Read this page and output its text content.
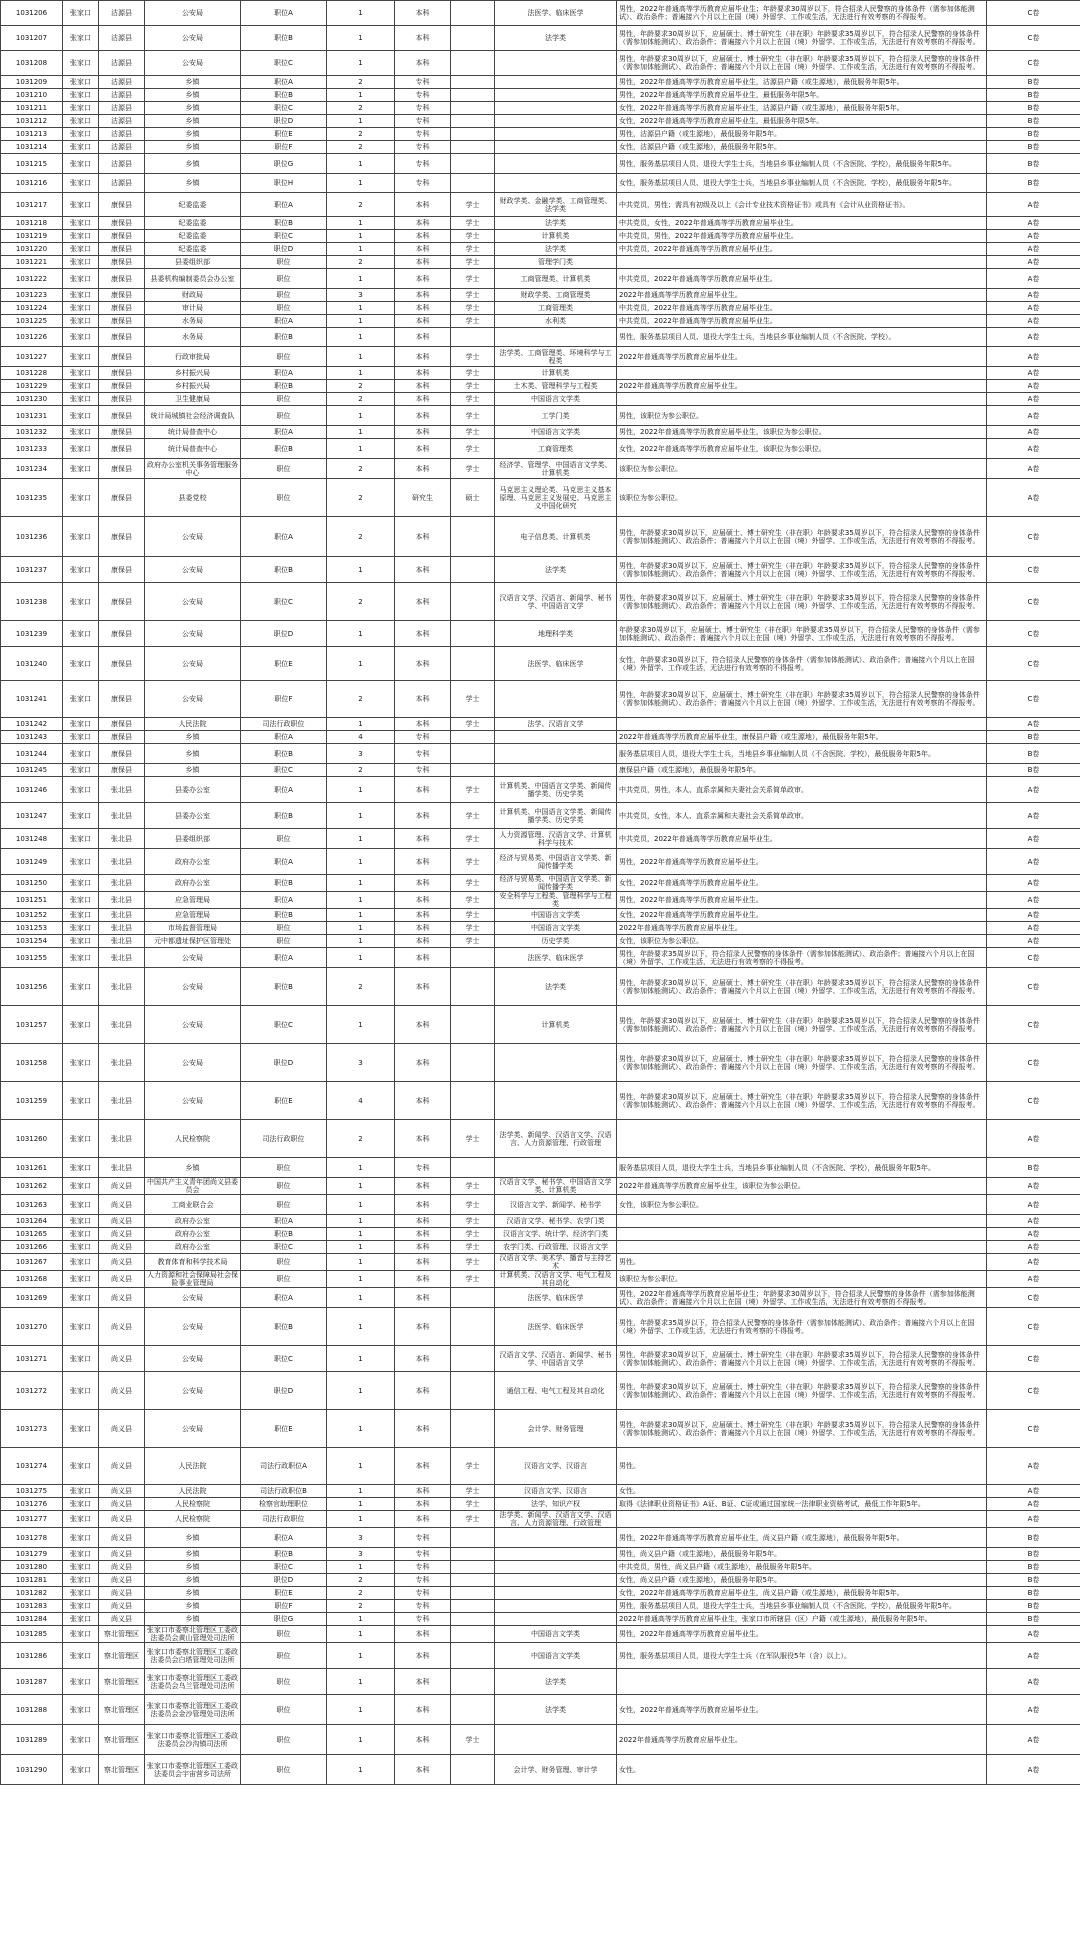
1031206	张家口	沽源县	公安局	职位A	1	本科		法医学、临床医学	男性，2022年普通高等学历教育应届毕业生；年龄要求30周岁以下，符合招录人民警察的身体条件（需参加体能测试）、政治条件；普遍接六个月以上在国（境）外留学、工作或生活，无法进行有效考察的不得报考。	C卷
1031207	张家口	沽源县	公安局	职位B	1	本科		法学类	男性，年龄要求30周岁以下，应届硕士、博士研究生（非在职）年龄要求35周岁以下，符合招录人民警察的身体条件（需参加体能测试）、政治条件；普遍接六个月以上在国（境）外留学、工作或生活，无法进行有效考察的不得报考。	C卷
1031208	张家口	沽源县	公安局	职位C	1	本科			男性，年龄要求30周岁以下，应届硕士、博士研究生（非在职）年龄要求35周岁以下，符合招录人民警察的身体条件（需参加体能测试）、政治条件；普遍接六个月以上在国（境）外留学、工作或生活，无法进行有效考察的不得报考。	C卷
1031209	张家口	沽源县	乡镇	职位A	2	专科			男性，2022年普通高等学历教育应届毕业生，沽源县户籍（或生源地），最低服务年限5年。	B卷
1031210	张家口	沽源县	乡镇	职位B	1	专科			男性，2022年普通高等学历教育应届毕业生，最低服务年限5年。	B卷
1031211	张家口	沽源县	乡镇	职位C	2	专科			女性，2022年普通高等学历教育应届毕业生，沽源县户籍（或生源地），最低服务年限5年。	B卷
1031212	张家口	沽源县	乡镇	职位D	1	专科			女性，2022年普通高等学历教育应届毕业生，最低服务年限5年。	B卷
1031213	张家口	沽源县	乡镇	职位E	2	专科			男性，沽源县户籍（或生源地），最低服务年限5年。	B卷
1031214	张家口	沽源县	乡镇	职位F	2	专科			女性，沽源县户籍（或生源地），最低服务年限5年。	B卷
1031215	张家口	沽源县	乡镇	职位G	1	专科			男性，服务基层项目人员、退役大学生士兵，当地县乡事业编制人员（不含医院、学校），最低服务年限5年。	B卷
1031216	张家口	沽源县	乡镇	职位H	1	专科			女性，服务基层项目人员、退役大学生士兵，当地县乡事业编制人员（不含医院、学校），最低服务年限5年。	B卷
1031217	张家口	康保县	纪委监委	职位A	2	本科	学士	财政学类、金融学类、工商管理类、法学类	中共党员，男性；需具有初级及以上《会计专业技术资格证书》或具有《会计从业资格证书》。	A卷
1031218	张家口	康保县	纪委监委	职位B	1	本科	学士	法学类	中共党员，女性，2022年普通高等学历教育应届毕业生。	A卷
1031219	张家口	康保县	纪委监委	职位C	1	本科	学士	计算机类	中共党员，男性，2022年普通高等学历教育应届毕业生。	A卷
1031220	张家口	康保县	纪委监委	职位D	1	本科	学士	法学类	中共党员，2022年普通高等学历教育应届毕业生。	A卷
1031221	张家口	康保县	县委组织部	职位	2	本科	学士	管理学门类		A卷
1031222	张家口	康保县	县委机构编制委员会办公室	职位	1	本科	学士	工商管理类、计算机类	中共党员，2022年普通高等学历教育应届毕业生。	A卷
1031223	张家口	康保县	财政局	职位	3	本科	学士	财政学类、工商管理类	2022年普通高等学历教育应届毕业生。	A卷
1031224	张家口	康保县	审计局	职位	1	本科	学士	工商管理类	中共党员，2022年普通高等学历教育应届毕业生。	A卷
1031225	张家口	康保县	水务局	职位A	1	本科	学士	水利类	中共党员，2022年普通高等学历教育应届毕业生。	A卷
1031226	张家口	康保县	水务局	职位B	1	本科			男性，服务基层项目人员、退役大学生士兵，当地县乡事业编制人员（不含医院、学校）。	A卷
1031227	张家口	康保县	行政审批局	职位	1	本科	学士	法学类、工商管理类、环境科学与工程类	2022年普通高等学历教育应届毕业生。	A卷
1031228	张家口	康保县	乡村振兴局	职位A	1	本科	学士	计算机类		A卷
1031229	张家口	康保县	乡村振兴局	职位B	2	本科	学士	土木类、管理科学与工程类	2022年普通高等学历教育应届毕业生。	A卷
1031230	张家口	康保县	卫生健康局	职位	2	本科	学士	中国语言文学类		A卷
1031231	张家口	康保县	统计局城镇社会经济调查队	职位	1	本科	学士	工学门类	男性，该职位为参公职位。	A卷
1031232	张家口	康保县	统计局普查中心	职位A	1	本科	学士	中国语言文学类	男性，2022年普通高等学历教育应届毕业生，该职位为参公职位。	A卷
1031233	张家口	康保县	统计局普查中心	职位B	1	本科	学士	工商管理类	女性，2022年普通高等学历教育应届毕业生，该职位为参公职位。	A卷
1031234	张家口	康保县	政府办公室机关事务管理服务中心	职位	2	本科	学士	经济学、管理学、中国语言文学类、计算机类	该职位为参公职位。	A卷
1031235	张家口	康保县	县委党校	职位	2	研究生	硕士	马克思主义理论类、马克思主义基本原理、马克思主义发展史、马克思主义中国化研究	该职位为参公职位。	A卷
1031236	张家口	康保县	公安局	职位A	2	本科		电子信息类、计算机类	男性，年龄要求30周岁以下，应届硕士、博士研究生（非在职）年龄要求35周岁以下，符合招录人民警察的身体条件（需参加体能测试）、政治条件；普遍接六个月以上在国（境）外留学、工作或生活，无法进行有效考察的不得报考。	C卷
1031237	张家口	康保县	公安局	职位B	1	本科		法学类	男性，年龄要求30周岁以下，应届硕士、博士研究生（非在职）年龄要求35周岁以下，符合招录人民警察的身体条件（需参加体能测试）、政治条件；普遍接六个月以上在国（境）外留学、工作或生活，无法进行有效考察的不得报考。	C卷
1031238	张家口	康保县	公安局	职位C	2	本科		汉语言文学、汉语言、新闻学、秘书学、中国语言文学	男性，年龄要求30周岁以下，应届硕士、博士研究生（非在职）年龄要求35周岁以下，符合招录人民警察的身体条件（需参加体能测试）、政治条件；普遍接六个月以上在国（境）外留学、工作或生活，无法进行有效考察的不得报考。	C卷
1031239	张家口	康保县	公安局	职位D	1	本科		地理科学类	年龄要求30周岁以下，应届硕士、博士研究生（非在职）年龄要求35周岁以下，符合招录人民警察的身体条件（需参加体能测试）、政治条件；普遍接六个月以上在国（境）外留学、工作或生活，无法进行有效考察的不得报考。	C卷
1031240	张家口	康保县	公安局	职位E	1	本科		法医学、临床医学	女性，年龄要求30周岁以下，符合招录人民警察的身体条件（需参加体能测试）、政治条件；普遍接六个月以上在国（境）外留学、工作或生活，无法进行有效考察的不得报考。	C卷
1031241	张家口	康保县	公安局	职位F	2	本科	学士		男性，年龄要求30周岁以下，应届硕士、博士研究生（非在职）年龄要求35周岁以下，符合招录人民警察的身体条件（需参加体能测试）、政治条件；普遍接六个月以上在国（境）外留学、工作或生活，无法进行有效考察的不得报考。	C卷
1031242	张家口	康保县	人民法院	司法行政职位	1	本科	学士	法学、汉语言文学		A卷
1031243	张家口	康保县	乡镇	职位A	4	专科			2022年普通高等学历教育应届毕业生，康保县户籍（或生源地），最低服务年限5年。	B卷
1031244	张家口	康保县	乡镇	职位B	3	专科			服务基层项目人员，退役大学生士兵，当地县乡事业编制人员（不含医院、学校），最低服务年限5年。	B卷
1031245	张家口	康保县	乡镇	职位C	2	专科			康保县户籍（或生源地），最低服务年限5年。	B卷
1031246	张家口	张北县	县委办公室	职位A	1	本科	学士	计算机类、中国语言文学类、新闻传播学类、历史学类	中共党员，男性，本人、直系亲属和夫妻社会关系简单政审。	A卷
1031247	张家口	张北县	县委办公室	职位B	1	本科	学士	计算机类、中国语言文学类、新闻传播学类、历史学类	中共党员，女性，本人、直系亲属和夫妻社会关系简单政审。	A卷
1031248	张家口	张北县	县委组织部	职位	1	本科	学士	人力资源管理、汉语言文学、计算机科学与技术	中共党员，2022年普通高等学历教育应届毕业生。	A卷
1031249	张家口	张北县	政府办公室	职位A	1	本科	学士	经济与贸易类、中国语言文学类、新闻传播学类	男性，2022年普通高等学历教育应届毕业生。	A卷
1031250	张家口	张北县	政府办公室	职位B	1	本科	学士	经济与贸易类、中国语言文学类、新闻传播学类	女性，2022年普通高等学历教育应届毕业生。	A卷
1031251	张家口	张北县	应急管理局	职位A	1	本科	学士	安全科学与工程类、管理科学与工程类	男性，2022年普通高等学历教育应届毕业生。	A卷
1031252	张家口	张北县	应急管理局	职位B	1	本科	学士	中国语言文学类	女性，2022年普通高等学历教育应届毕业生。	A卷
1031253	张家口	张北县	市场监督管理局	职位	1	本科	学士	中国语言文学类	2022年普通高等学历教育应届毕业生。	A卷
1031254	张家口	张北县	元中都遗址保护区管理处	职位	1	本科	学士	历史学类	女性，该职位为参公职位。	A卷
1031255	张家口	张北县	公安局	职位A	1	本科		法医学、临床医学	男性，年龄要求35周岁以下，符合招录人民警察的身体条件（需参加体能测试）、政治条件；普遍接六个月以上在国（境）外留学、工作或生活，无法进行有效考察的不得报考。	C卷
1031256	张家口	张北县	公安局	职位B	2	本科		法学类	男性，年龄要求30周岁以下，应届硕士、博士研究生（非在职）年龄要求35周岁以下，符合招录人民警察的身体条件（需参加体能测试）、政治条件；普遍接六个月以上在国（境）外留学、工作或生活，无法进行有效考察的不得报考。	C卷
1031257	张家口	张北县	公安局	职位C	1	本科		计算机类	男性，年龄要求30周岁以下，应届硕士、博士研究生（非在职）年龄要求35周岁以下，符合招录人民警察的身体条件（需参加体能测试）、政治条件；普遍接六个月以上在国（境）外留学、工作或生活，无法进行有效考察的不得报考。	C卷
1031258	张家口	张北县	公安局	职位D	3	本科			男性，年龄要求30周岁以下，应届硕士、博士研究生（非在职）年龄要求35周岁以下，符合招录人民警察的身体条件（需参加体能测试）、政治条件；普遍接六个月以上在国（境）外留学、工作或生活，无法进行有效考察的不得报考。	C卷
1031259	张家口	张北县	公安局	职位E	4	本科			男性，年龄要求30周岁以下，应届硕士、博士研究生（非在职）年龄要求35周岁以下，符合招录人民警察的身体条件（需参加体能测试）、政治条件；普遍接六个月以上在国（境）外留学、工作或生活，无法进行有效考察的不得报考。	C卷
1031260	张家口	张北县	人民检察院	司法行政职位	2	本科	学士	法学类、新闻学、汉语言文学、汉语言、人力资源管理、行政管理		A卷
1031261	张家口	张北县	乡镇	职位	1	专科			服务基层项目人员，退役大学生士兵，当地县乡事业编制人员（不含医院、学校），最低服务年限5年。	B卷
1031262	张家口	尚义县	中国共产主义青年团尚义县委员会	职位	1	本科	学士	汉语言文学、秘书学、中国语言文学类、计算机类	2022年普通高等学历教育应届毕业生，该职位为参公职位。	A卷
1031263	张家口	尚义县	工商业联合会	职位	1	本科	学士	汉语言文学、新闻学、秘书学	女性，该职位为参公职位。	A卷
1031264	张家口	尚义县	政府办公室	职位A	1	本科	学士	汉语言文学、秘书学、农学门类		A卷
1031265	张家口	尚义县	政府办公室	职位B	1	本科	学士	汉语言文学、统计学、经济学门类		A卷
1031266	张家口	尚义县	政府办公室	职位C	1	本科	学士	农学门类、行政管理、汉语言文学		A卷
1031267	张家口	尚义县	教育体育和科学技术局	职位	1	本科	学士	汉语言文学、美术学、播音与主持艺术	男性。	A卷
1031268	张家口	尚义县	人力资源和社会保障局社会保险事业管理局	职位	1	本科	学士	计算机类、汉语言文学、电气工程及其自动化	该职位为参公职位。	A卷
1031269	张家口	尚义县	公安局	职位A	1	本科		法医学、临床医学	男性，2022年普通高等学历教育应届毕业生；年龄要求30周岁以下，符合招录人民警察的身体条件（需参加体能测试）、政治条件；普遍接六个月以上在国（境）外留学、工作或生活，无法进行有效考察的不得报考。	C卷
1031270	张家口	尚义县	公安局	职位B	1	本科		法医学、临床医学	男性，年龄要求35周岁以下，符合招录人民警察的身体条件（需参加体能测试）、政治条件；普遍接六个月以上在国（境）外留学、工作或生活，无法进行有效考察的不得报考。	C卷
1031271	张家口	尚义县	公安局	职位C	1	本科		汉语言文学、汉语言、新闻学、秘书学、中国语言文学	男性，年龄要求30周岁以下，应届硕士、博士研究生（非在职）年龄要求35周岁以下，符合招录人民警察的身体条件（需参加体能测试）、政治条件；普遍接六个月以上在国（境）外留学、工作或生活，无法进行有效考察的不得报考。	C卷
1031272	张家口	尚义县	公安局	职位D	1	本科		通信工程、电气工程及其自动化	男性，年龄要求30周岁以下，应届硕士、博士研究生（非在职）年龄要求35周岁以下，符合招录人民警察的身体条件（需参加体能测试）、政治条件；普遍接六个月以上在国（境）外留学、工作或生活，无法进行有效考察的不得报考。	C卷
1031273	张家口	尚义县	公安局	职位E	1	本科		会计学、财务管理	男性，年龄要求30周岁以下，应届硕士、博士研究生（非在职）年龄要求35周岁以下，符合招录人民警察的身体条件（需参加体能测试）、政治条件；普遍接六个月以上在国（境）外留学、工作或生活，无法进行有效考察的不得报考。	C卷
1031274	张家口	尚义县	人民法院	司法行政职位A	1	本科	学士	汉语言文学、汉语言	男性。	A卷
1031275	张家口	尚义县	人民法院	司法行政职位B	1	本科	学士	汉语言文学、汉语言	女性。	A卷
1031276	张家口	尚义县	人民检察院	检察官助理职位	1	本科	学士	法学、知识产权	取得《法律职业资格证书》A证、B证、C证或通过国家统一法律职业资格考试，最低工作年限5年。	A卷
1031277	张家口	尚义县	人民检察院	司法行政职位	1	本科	学士	法学类、新闻学、汉语言文学、汉语言、人力资源管理、行政管理		A卷
1031278	张家口	尚义县	乡镇	职位A	3	专科			男性，2022年普通高等学历教育应届毕业生，尚义县户籍（或生源地），最低服务年限5年。	B卷
1031279	张家口	尚义县	乡镇	职位B	3	专科			男性，尚义县户籍（或生源地），最低服务年限5年。	B卷
1031280	张家口	尚义县	乡镇	职位C	1	专科			中共党员，男性，尚义县户籍（或生源地），最低服务年限5年。	B卷
1031281	张家口	尚义县	乡镇	职位D	2	专科			女性，尚义县户籍（或生源地），最低服务年限5年。	B卷
1031282	张家口	尚义县	乡镇	职位E	2	专科			女性，2022年普通高等学历教育应届毕业生，尚义县户籍（或生源地），最低服务年限5年。	B卷
1031283	张家口	尚义县	乡镇	职位F	2	专科			男性，服务基层项目人员，退役大学生士兵，当地县乡事业编制人员（不含医院、学校），最低服务年限5年。	B卷
1031284	张家口	尚义县	乡镇	职位G	1	专科			2022年普通高等学历教育应届毕业生，张家口市所辖县（区）户籍（或生源地），最低服务年限5年。	B卷
1031285	张家口	察北管理区	张家口市委察北管理区工委政法委员会黄山管理处司法所	职位	1	本科		中国语言文学类	男性，2022年普通高等学历教育应届毕业生。	A卷
1031286	张家口	察北管理区	张家口市委察北管理区工委政法委员会白塔管理处司法所	职位	1	本科		中国语言文学类	男性，服务基层项目人员，退役大学生士兵（在军队服役5年（含）以上）。	A卷
1031287	张家口	察北管理区	张家口市委察北管理区工委政法委员会乌兰管理处司法所	职位	1	本科		法学类		A卷
1031288	张家口	察北管理区	张家口市委察北管理区工委政法委员会金沙管理处司法所	职位	1	本科		法学类	女性，2022年普通高等学历教育应届毕业生。	A卷
1031289	张家口	察北管理区	张家口市委察北管理区工委政法委员会沙沟镇司法所	职位	1	本科	学士		2022年普通高等学历教育应届毕业生。	A卷
1031290	张家口	察北管理区	张家口市委察北管理区工委政法委员会宇宙营乡司法所	职位	1	本科		会计学、财务管理、审计学	女性。	A卷
